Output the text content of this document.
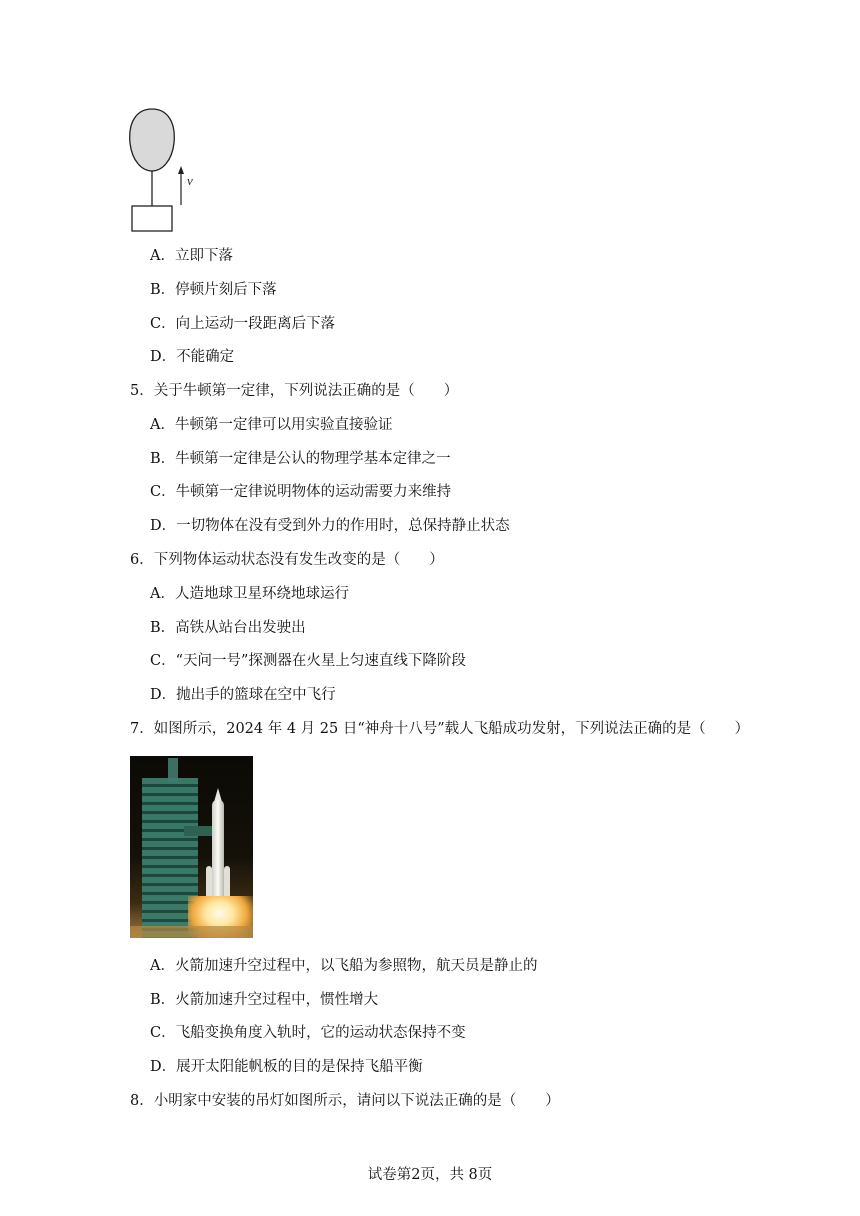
v
A．立即下落
B．停顿片刻后下落
C．向上运动一段距离后下落
D．不能确定
5．关于牛顿第一定律，下列说法正确的是（　　）
A．牛顿第一定律可以用实验直接验证
B．牛顿第一定律是公认的物理学基本定律之一
C．牛顿第一定律说明物体的运动需要力来维持
D．一切物体在没有受到外力的作用时，总保持静止状态
6．下列物体运动状态没有发生改变的是（　　）
A．人造地球卫星环绕地球运行
B．高铁从站台出发驶出
C．“天问一号”探测器在火星上匀速直线下降阶段
D．抛出手的篮球在空中飞行
7．如图所示，2024 年 4 月 25 日“神舟十八号”载人飞船成功发射，下列说法正确的是（　　）
A．火箭加速升空过程中，以飞船为参照物，航天员是静止的
B．火箭加速升空过程中，惯性增大
C．飞船变换角度入轨时，它的运动状态保持不变
D．展开太阳能帆板的目的是保持飞船平衡
8．小明家中安装的吊灯如图所示，请问以下说法正确的是（　　）
试卷第2页，共 8页
